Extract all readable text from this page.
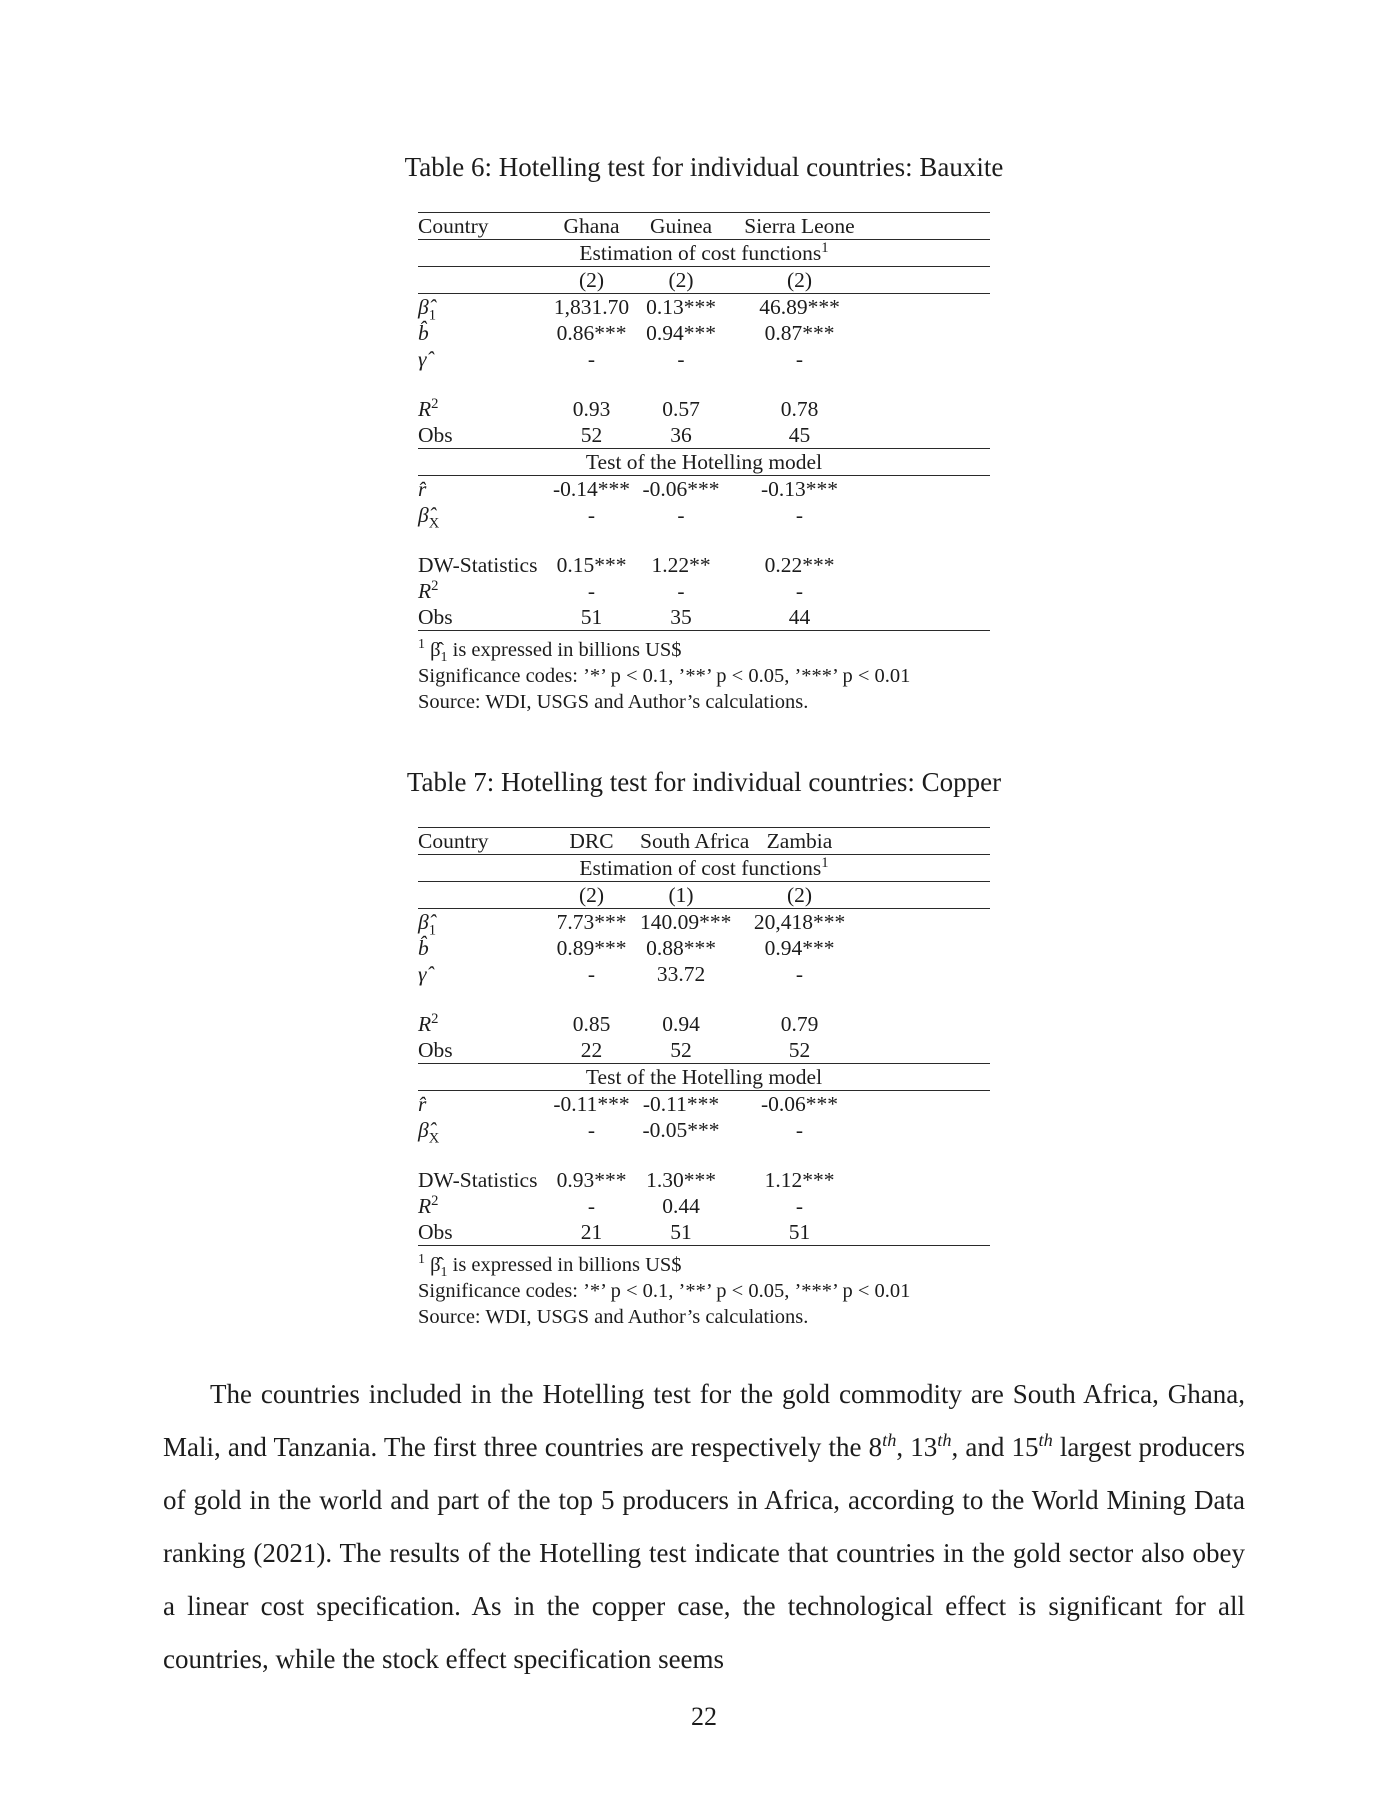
Table 6: Hotelling test for individual countries: Bauxite
Country	Ghana	Guinea	Sierra Leone	
Estimation of cost functions$^1$
	(2)	(2)	(2)	
$\betâ_1$	1,831.70	0.13***	46.89***	
b̂	0.86***	0.94***	0.87***	
γ̂	-	-	-	

$R^2$	0.93	0.57	0.78	
Obs	52	36	45	
Test of the Hotelling model				
r̂	-0.14***	-0.06***	-0.13***	
$\betâ_X$	-	-	-	

DW-Statistics	0.15***	1.22**	0.22***	
$R^2$	-	-	-	
Obs	51	35	44	
$^1$ $\betâ_1$ is expressed in billions US$
Significance codes: ’*’ p < 0.1, ’**’ p < 0.05, ’***’ p < 0.01
Source: WDI, USGS and Author’s calculations.
Table 7: Hotelling test for individual countries: Copper
Country	DRC	South Africa	Zambia	
Estimation of cost functions$^1$
	(2)	(1)	(2)	
$\betâ_1$	7.73***	140.09***	20,418***	
b̂	0.89***	0.88***	0.94***	
γ̂	-	33.72	-	

$R^2$	0.85	0.94	0.79	
Obs	22	52	52	
Test of the Hotelling model				
r̂	-0.11***	-0.11***	-0.06***	
$\betâ_X$	-	-0.05***	-	

DW-Statistics	0.93***	1.30***	1.12***	
$R^2$	-	0.44	-	
Obs	21	51	51	
$^1$ $\betâ_1$ is expressed in billions US$
Significance codes: ’*’ p < 0.1, ’**’ p < 0.05, ’***’ p < 0.01
Source: WDI, USGS and Author’s calculations.

The countries included in the Hotelling test for the gold commodity are South Africa, Ghana, Mali, and Tanzania. The first three countries are respectively the 8th, 13th, and 15th largest producers of gold in the world and part of the top 5 producers in Africa, according to the World Mining Data ranking (2021). The results of the Hotelling test indicate that countries in the gold sector also obey a linear cost specification. As in the copper case, the technological effect is significant for all countries, while the stock effect specification seems

22
